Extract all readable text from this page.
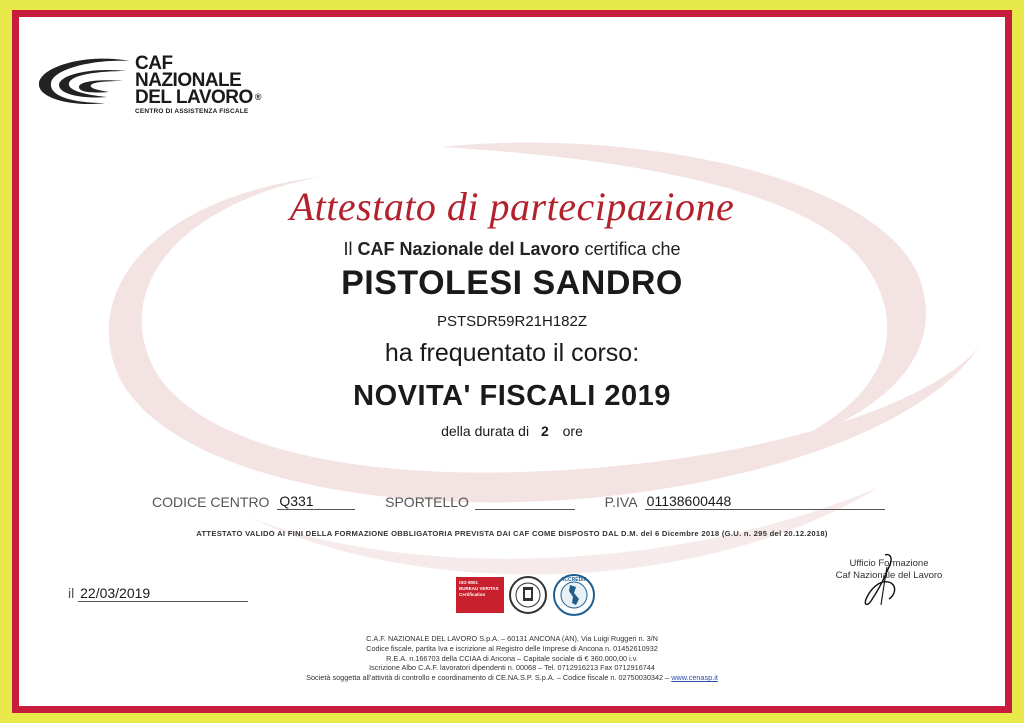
CAF
NAZIONALE
DEL LAVORO ®
CENTRO DI ASSISTENZA FISCALE
Attestato di partecipazione
Il CAF Nazionale del Lavoro certifica che
PISTOLESI SANDRO
PSTSDR59R21H182Z
ha frequentato il corso:
NOVITA' FISCALI 2019
della durata di 2 ore
CODICE CENTRO Q331	SPORTELLO	P.IVA 01138600448
ATTESTATO VALIDO AI FINI DELLA FORMAZIONE OBBLIGATORIA PREVISTA DAI CAF COME DISPOSTO DAL D.M. del 6 Dicembre 2018 (G.U. n. 295 del 20.12.2018)
il 22/03/2019
ISO 9001
BUREAU VERITAS
Certification
ACCREDIA
Ufficio Formazione
Caf Nazionale del Lavoro
C.A.F. NAZIONALE DEL LAVORO S.p.A. – 60131 ANCONA (AN), Via Luigi Ruggeri n. 3/N
Codice fiscale, partita Iva e iscrizione al Registro delle Imprese di Ancona n. 01452610932
R.E.A. n.166703 della CCIAA di Ancona – Capitale sociale di € 360.000,00 i.v.
Iscrizione Albo C.A.F. lavoratori dipendenti n. 00068 – Tel. 0712916213 Fax 0712916744
Società soggetta all'attività di controllo e coordinamento di CE.NA.S.P. S.p.A. – Codice fiscale n. 02750030342 – www.cenasp.it
